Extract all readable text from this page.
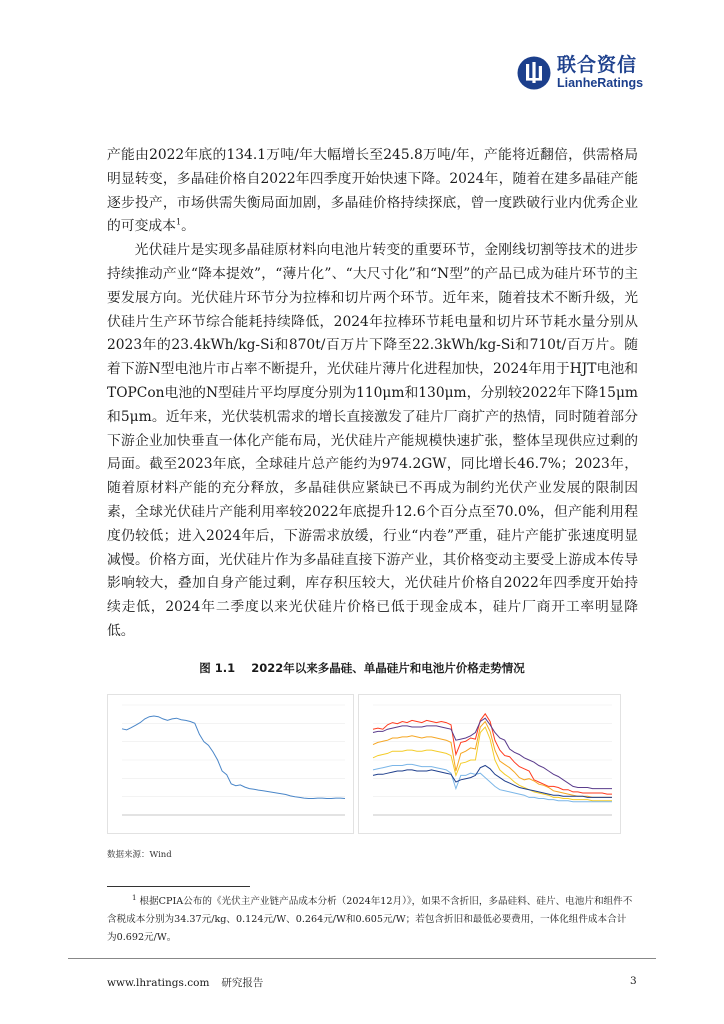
联合资信
LianheRatings

产能由2022年底的134.1万吨/年大幅增长至245.8万吨/年，产能将近翻倍，供需格局明显转变，多晶硅价格自2022年四季度开始快速下降。2024年，随着在建多晶硅产能逐步投产，市场供需失衡局面加剧，多晶硅价格持续探底，曾一度跌破行业内优秀企业的可变成本$^1$。

光伏硅片是实现多晶硅原材料向电池片转变的重要环节，金刚线切割等技术的进步持续推动产业“降本提效”，“薄片化”、“大尺寸化”和“N型”的产品已成为硅片环节的主要发展方向。光伏硅片环节分为拉棒和切片两个环节。近年来，随着技术不断升级，光伏硅片生产环节综合能耗持续降低，2024年拉棒环节耗电量和切片环节耗水量分别从2023年的23.4kWh/kg-Si和870t/百万片下降至22.3kWh/kg-Si和710t/百万片。随着下游N型电池片市占率不断提升，光伏硅片薄片化进程加快，2024年用于HJT电池和TOPCon电池的N型硅片平均厚度分别为110μm和130μm，分别较2022年下降15μm和5μm。近年来，光伏装机需求的增长直接激发了硅片厂商扩产的热情，同时随着部分下游企业加快垂直一体化产能布局，光伏硅片产能规模快速扩张，整体呈现供应过剩的局面。截至2023年底，全球硅片总产能约为974.2GW，同比增长46.7%；2023年，随着原材料产能的充分释放，多晶硅供应紧缺已不再成为制约光伏产业发展的限制因素，全球光伏硅片产能利用率较2022年底提升12.6个百分点至70.0%，但产能利用程度仍较低；进入2024年后，下游需求放缓，行业“内卷”严重，硅片产能扩张速度明显减慢。价格方面，光伏硅片作为多晶硅直接下游产业，其价格变动主要受上游成本传导影响较大，叠加自身产能过剩，库存积压较大，光伏硅片价格自2022年四季度开始持续走低，2024年二季度以来光伏硅片价格已低于现金成本，硅片厂商开工率明显降低。

图 1.1 2022年以来多晶硅、单晶硅片和电池片价格走势情况
数据来源：Wind
$^1$ 根据CPIA公布的《光伏主产业链产品成本分析（2024年12月）》，如果不含折旧，多晶硅料、硅片、电池片和组件不含税成本分别为34.37元/kg、0.124元/W、0.264元/W和0.605元/W；若包含折旧和最低必要费用，一体化组件成本合计为0.692元/W。
www.lhratings.com 研究报告	3
